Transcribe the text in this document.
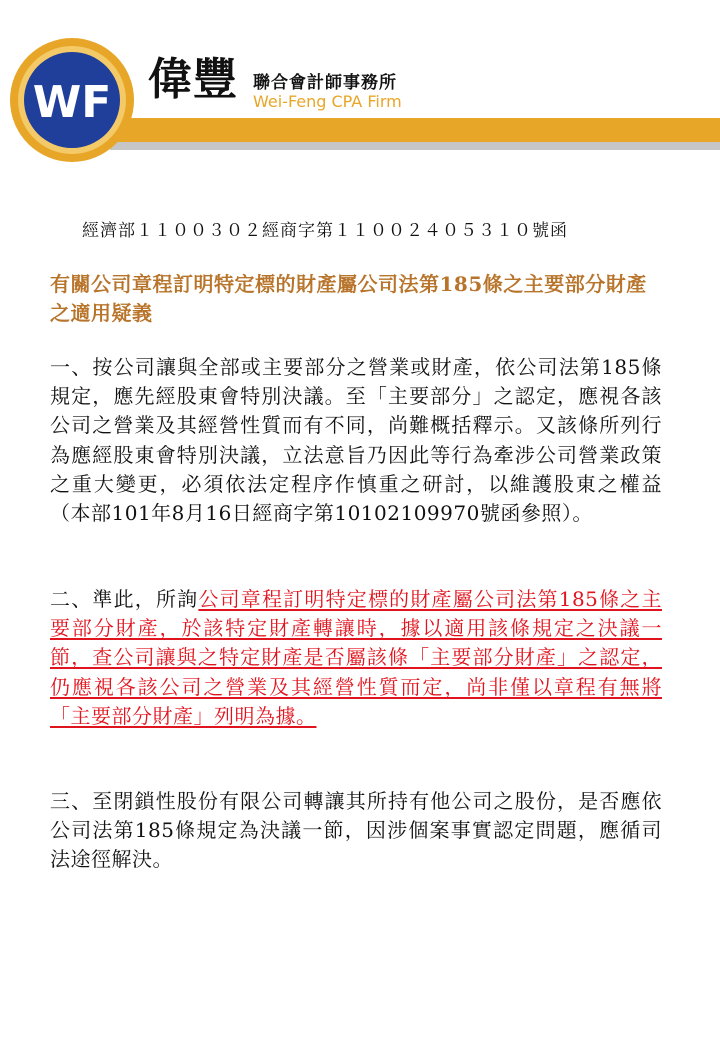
WF 偉豐 聯合會計師事務所
Wei-Feng CPA Firm
經濟部１１００３０２經商字第１１００２４０５３１０號函
有關公司章程訂明特定標的財產屬公司法第185條之主要部分財產之適用疑義
一、按公司讓與全部或主要部分之營業或財產，依公司法第185條規定，應先經股東會特別決議。至「主要部分」之認定，應視各該公司之營業及其經營性質而有不同，尚難概括釋示。又該條所列行為應經股東會特別決議，立法意旨乃因此等行為牽涉公司營業政策之重大變更，必須依法定程序作慎重之研討，以維護股東之權益（本部101年8月16日經商字第10102109970號函參照）。
二、準此，所詢公司章程訂明特定標的財產屬公司法第185條之主要部分財產，於該特定財產轉讓時，據以適用該條規定之決議一節，查公司讓與之特定財產是否屬該條「主要部分財產」之認定，仍應視各該公司之營業及其經營性質而定，尚非僅以章程有無將「主要部分財產」列明為據。
三、至閉鎖性股份有限公司轉讓其所持有他公司之股份，是否應依公司法第185條規定為決議一節，因涉個案事實認定問題，應循司法途徑解決。
